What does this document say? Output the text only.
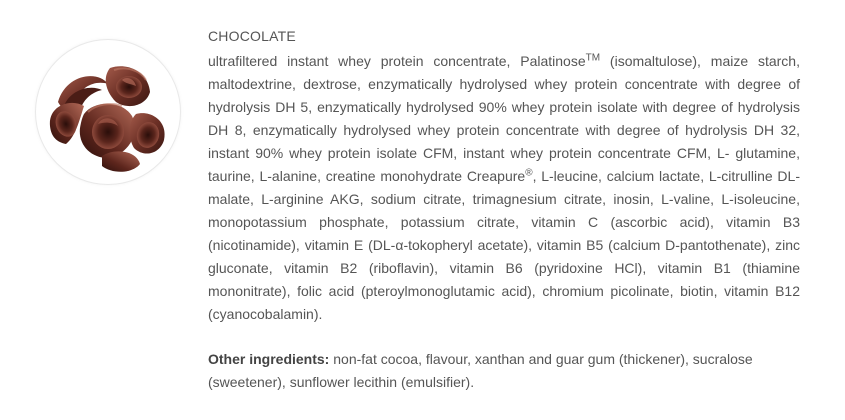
CHOCOLATE

ultrafiltered instant whey protein concentrate, Palatinose™ (isomaltulose), maize starch, maltodextrine, dextrose, enzymatically hydrolysed whey protein concentrate with degree of hydrolysis DH 5, enzymatically hydrolysed 90% whey protein isolate with degree of hydrolysis DH 8, enzymatically hydrolysed whey protein concentrate with degree of hydrolysis DH 32, instant 90% whey protein isolate CFM, instant whey protein concentrate CFM, L- glutamine, taurine, L-alanine, creatine monohydrate Creapure®, L-leucine, calcium lactate, L-citrulline DL-malate, L-arginine AKG, sodium citrate, trimagnesium citrate, inosin, L-valine, L-isoleucine, monopotassium phosphate, potassium citrate, vitamin C (ascorbic acid), vitamin B3 (nicotinamide), vitamin E (DL-α-tokopheryl acetate), vitamin B5 (calcium D-pantothenate), zinc gluconate, vitamin B2 (riboflavin), vitamin B6 (pyridoxine HCl), vitamin B1 (thiamine mononitrate), folic acid (pteroylmonoglutamic acid), chromium picolinate, biotin, vitamin B12 (cyanocobalamin).

Other ingredients: non-fat cocoa, flavour, xanthan and guar gum (thickener), sucralose (sweetener), sunflower lecithin (emulsifier).
